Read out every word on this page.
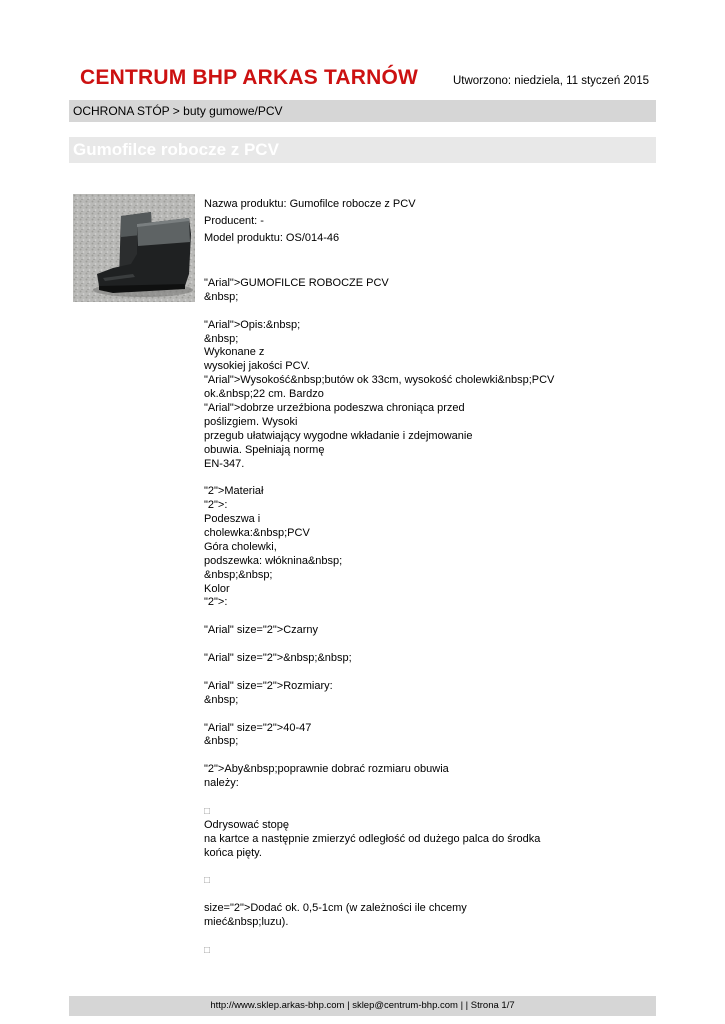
CENTRUM BHP ARKAS TARNÓW	Utworzono: niedziela, 11 styczeń 2015
OCHRONA STÓP > buty gumowe/PCV
Gumofilce robocze z PCV
Nazwa produktu: Gumofilce robocze z PCV
Producent: -
Model produktu: OS/014-46
"Arial">GUMOFILCE ROBOCZE PCV
&nbsp;
"Arial">Opis:&nbsp;
&nbsp;
Wykonane z
wysokiej jakości PCV.
"Arial">Wysokość&nbsp;butów ok 33cm, wysokość cholewki&nbsp;PCV
ok.&nbsp;22 cm. Bardzo
"Arial">dobrze urzeźbiona podeszwa chroniąca przed
poślizgiem. Wysoki
przegub ułatwiający wygodne wkładanie i zdejmowanie
obuwia. Spełniają normę
EN-347.
"2">Materiał
"2">:
Podeszwa i
cholewka:&nbsp;PCV
Góra cholewki,
podszewka: włóknina&nbsp;
&nbsp;&nbsp;
Kolor
"2">:
"Arial" size="2">Czarny
"Arial" size="2">&nbsp;&nbsp;
"Arial" size="2">Rozmiary:
&nbsp;
"Arial" size="2">40-47
&nbsp;
"2">Aby&nbsp;poprawnie dobrać rozmiaru obuwia
należy:
□
Odrysować stopę
na kartce a następnie zmierzyć odległość od dużego palca do środka
końca pięty.
□
size="2">Dodać ok. 0,5-1cm (w zależności ile chcemy
mieć&nbsp;luzu).
□
http://www.sklep.arkas-bhp.com | sklep@centrum-bhp.com | | Strona 1/7
